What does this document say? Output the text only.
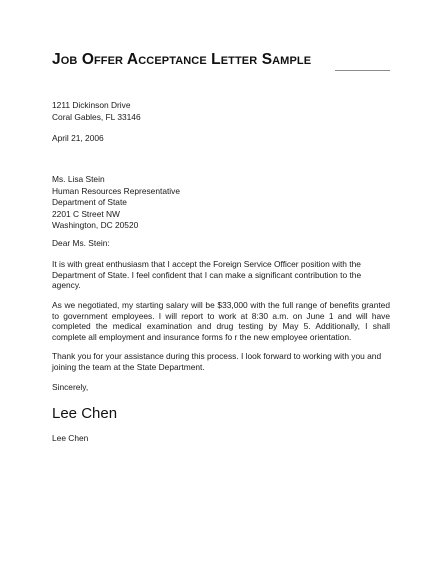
Job Offer Acceptance Letter Sample
1211 Dickinson Drive
Coral Gables, FL 33146
April 21, 2006
Ms. Lisa Stein
Human Resources Representative
Department of State
2201 C Street NW
Washington, DC 20520
Dear Ms. Stein:
It is with great enthusiasm that I accept the Foreign Service Officer position with the Department of State. I feel confident that I can make a significant contribution to the agency.
As we negotiated, my starting salary will be $33,000 with the full range of benefits granted to government employees. I will report to work at 8:30 a.m. on June 1 and will have completed the medical examination and drug testing by May 5. Additionally, I shall complete all employment and insurance forms fo r the new employee orientation.
Thank you for your assistance during this process. I look forward to working with you and joining the team at the State Department.
Sincerely,
Lee Chen
Lee Chen
